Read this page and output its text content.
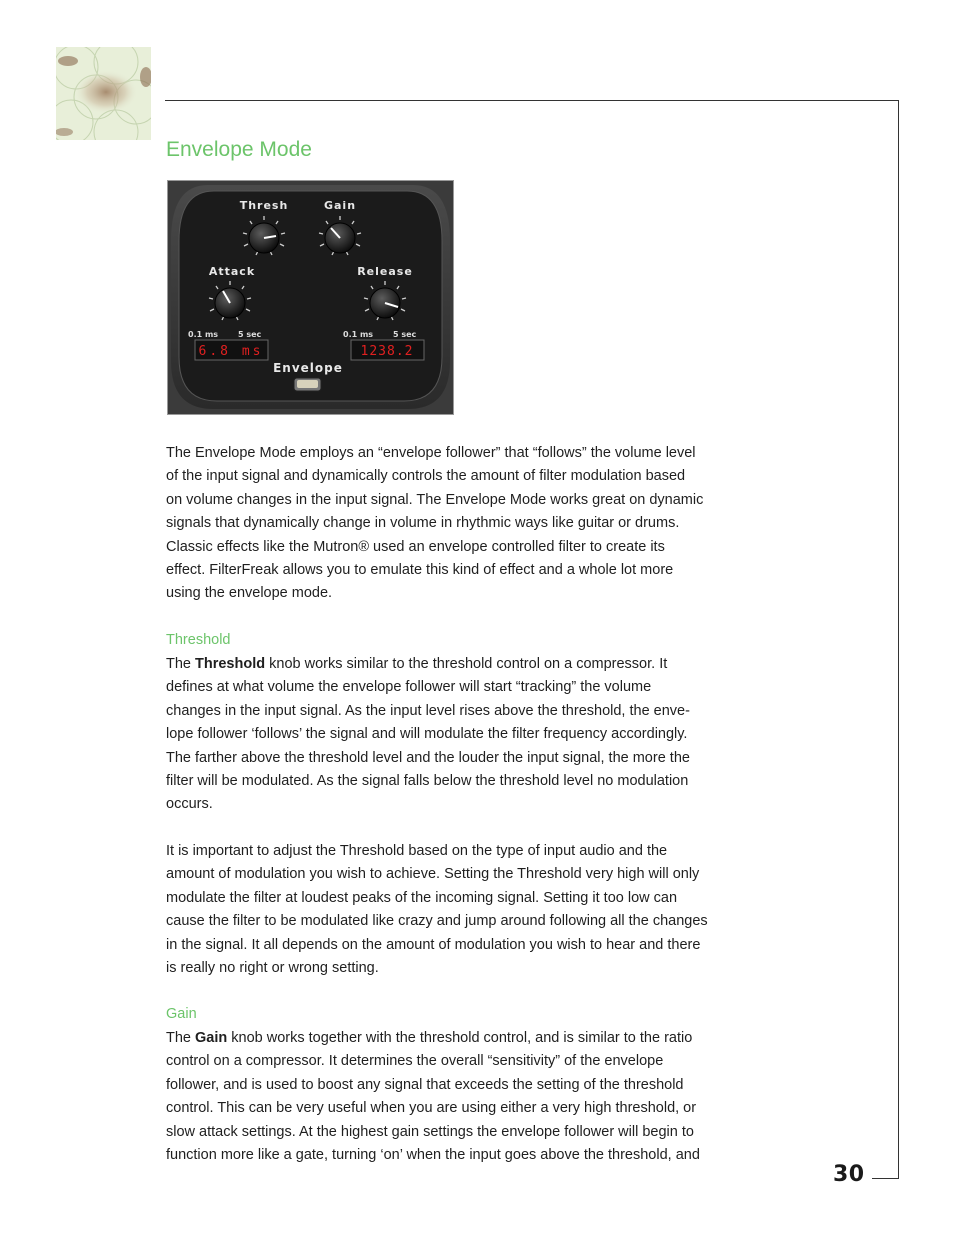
30
Envelope Mode
Thresh	Gain
Attack	Release
Envelope
0.1 ms 5 sec	0.1 ms 5 sec
6.8 ms	1238.2

The Envelope Mode employs an “envelope follower” that “follows” the volume level
of the input signal and dynamically controls the amount of filter modulation based
on volume changes in the input signal. The Envelope Mode works great on dynamic
signals that dynamically change in volume in rhythmic ways like guitar or drums.
Classic effects like the Mutron® used an envelope controlled filter to create its
effect. FilterFreak allows you to emulate this kind of effect and a whole lot more
using the envelope mode.

Threshold

The Threshold knob works similar to the threshold control on a compressor. It
defines at what volume the envelope follower will start “tracking” the volume
changes in the input signal. As the input level rises above the threshold, the enve-
lope follower ‘follows’ the signal and will modulate the filter frequency accordingly.
The farther above the threshold level and the louder the input signal, the more the
filter will be modulated. As the signal falls below the threshold level no modulation
occurs.

It is important to adjust the Threshold based on the type of input audio and the
amount of modulation you wish to achieve. Setting the Threshold very high will only
modulate the filter at loudest peaks of the incoming signal. Setting it too low can
cause the filter to be modulated like crazy and jump around following all the changes
in the signal. It all depends on the amount of modulation you wish to hear and there
is really no right or wrong setting.

Gain

The Gain knob works together with the threshold control, and is similar to the ratio
control on a compressor. It determines the overall “sensitivity” of the envelope
follower, and is used to boost any signal that exceeds the setting of the threshold
control. This can be very useful when you are using either a very high threshold, or
slow attack settings. At the highest gain settings the envelope follower will begin to
function more like a gate, turning ‘on’ when the input goes above the threshold, and
